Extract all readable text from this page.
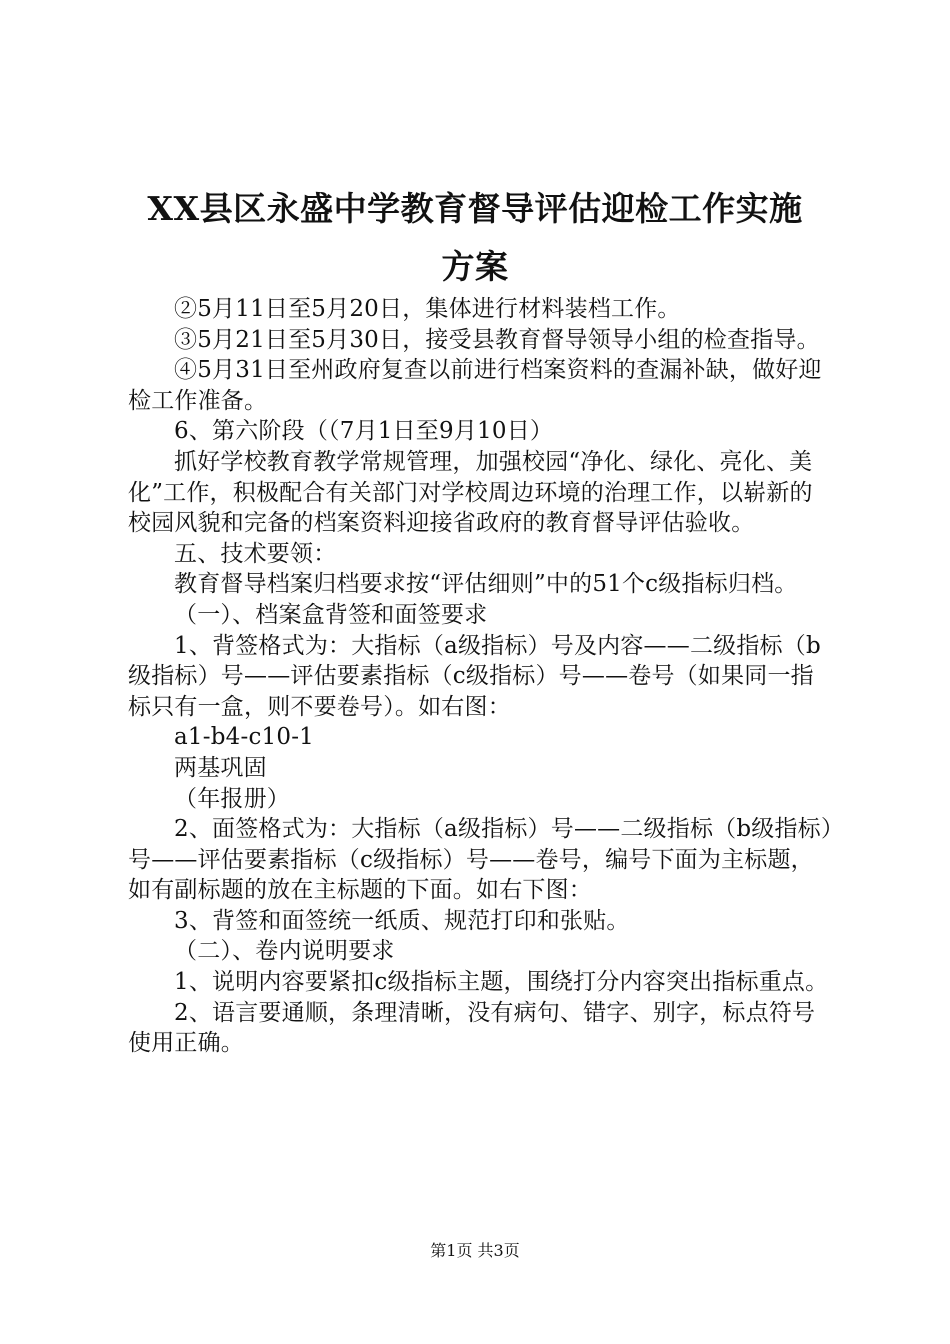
XX县区永盛中学教育督导评估迎检工作实施
方案

②5月11日至5月20日，集体进行材料装档工作。

③5月21日至5月30日，接受县教育督导领导小组的检查指导。

④5月31日至州政府复查以前进行档案资料的查漏补缺，做好迎检工作准备。

6、第六阶段（（7月1日至9月10日）

抓好学校教育教学常规管理，加强校园“净化、绿化、亮化、美化”工作，积极配合有关部门对学校周边环境的治理工作，以崭新的校园风貌和完备的档案资料迎接省政府的教育督导评估验收。

五、技术要领：

教育督导档案归档要求按“评估细则”中的51个c级指标归档。

（一）、档案盒背签和面签要求

1、背签格式为：大指标（a级指标）号及内容——二级指标（b级指标）号——评估要素指标（c级指标）号——卷号（如果同一指标只有一盒，则不要卷号）。如右图：

a1-b4-c10-1

两基巩固

（年报册）

2、面签格式为：大指标（a级指标）号——二级指标（b级指标）号——评估要素指标（c级指标）号——卷号，编号下面为主标题，如有副标题的放在主标题的下面。如右下图：

3、背签和面签统一纸质、规范打印和张贴。

（二）、卷内说明要求

1、说明内容要紧扣c级指标主题，围绕打分内容突出指标重点。

2、语言要通顺，条理清晰，没有病句、错字、别字，标点符号使用正确。

第1页 共3页
